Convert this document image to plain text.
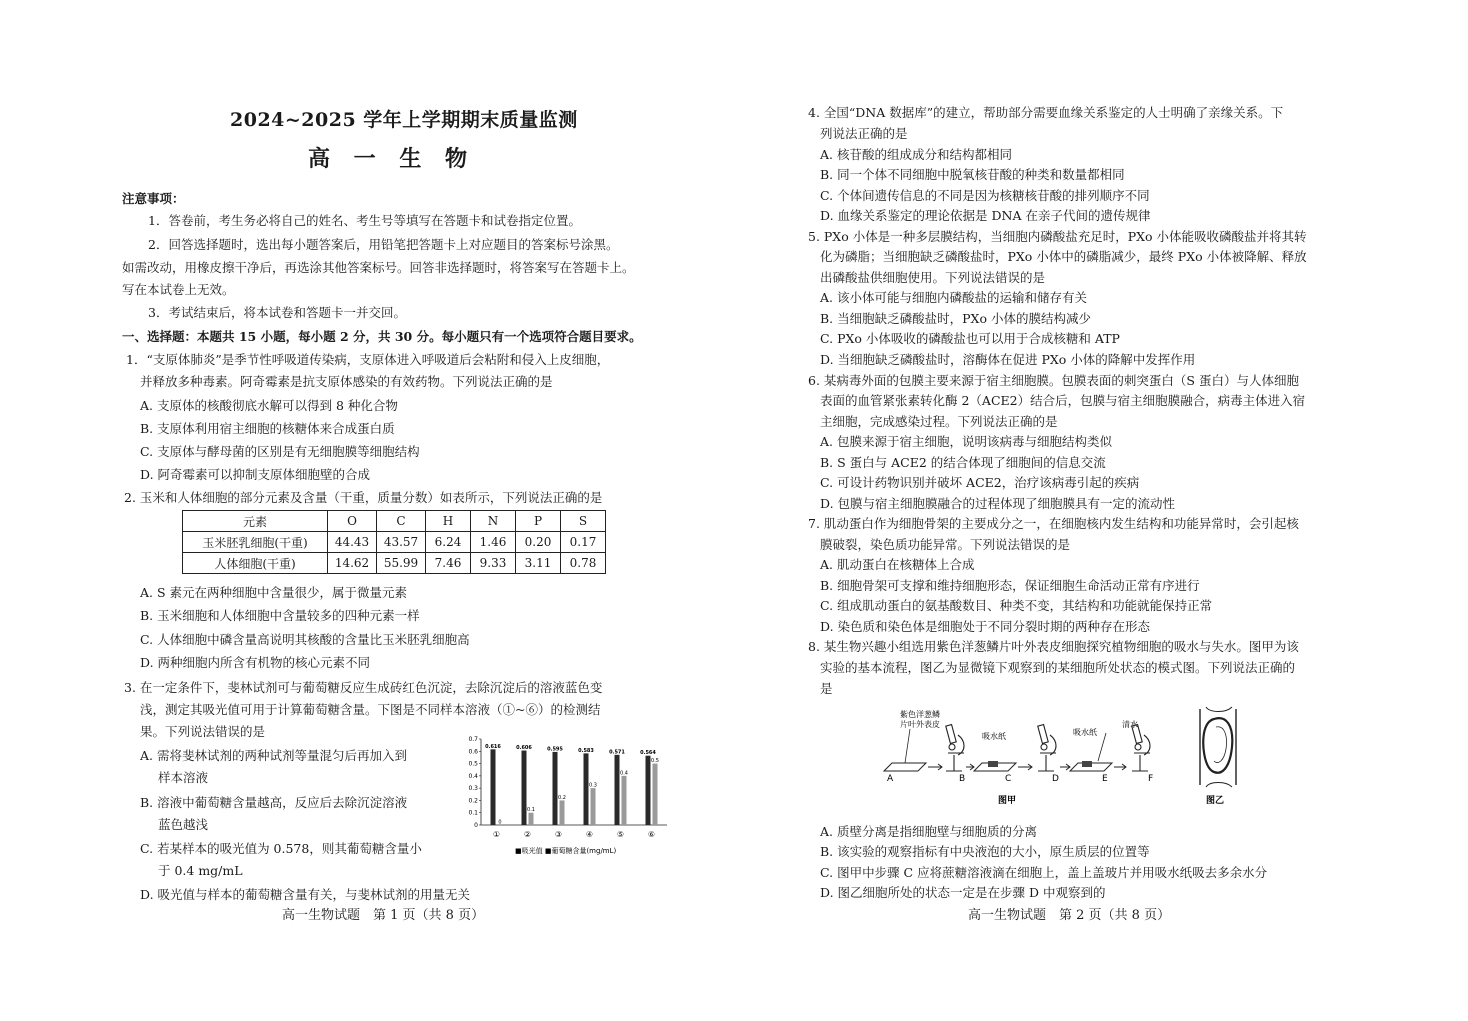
2024~2025 学年上学期期末质量监测
高 一 生 物
注意事项：
1．答卷前，考生务必将自己的姓名、考生号等填写在答题卡和试卷指定位置。
2．回答选择题时，选出每小题答案后，用铅笔把答题卡上对应题目的答案标号涂黑。
如需改动，用橡皮擦干净后，再选涂其他答案标号。回答非选择题时，将答案写在答题卡上。
写在本试卷上无效。
3．考试结束后，将本试卷和答题卡一并交回。
一、选择题：本题共 15 小题，每小题 2 分，共 30 分。每小题只有一个选项符合题目要求。
1．“支原体肺炎”是季节性呼吸道传染病，支原体进入呼吸道后会粘附和侵入上皮细胞，
并释放多种毒素。阿奇霉素是抗支原体感染的有效药物。下列说法正确的是
A. 支原体的核酸彻底水解可以得到 8 种化合物
B. 支原体利用宿主细胞的核糖体来合成蛋白质
C. 支原体与酵母菌的区别是有无细胞膜等细胞结构
D. 阿奇霉素可以抑制支原体细胞壁的合成
2. 玉米和人体细胞的部分元素及含量（干重，质量分数）如表所示，下列说法正确的是
元素	O	C	H	N	P	S
玉米胚乳细胞(干重)	44.43	43.57	6.24	1.46	0.20	0.17
人体细胞(干重)	14.62	55.99	7.46	9.33	3.11	0.78
A. S 素元在两种细胞中含量很少，属于微量元素
B. 玉米细胞和人体细胞中含量较多的四种元素一样
C. 人体细胞中磷含量高说明其核酸的含量比玉米胚乳细胞高
D. 两种细胞内所含有机物的核心元素不同
3. 在一定条件下，斐林试剂可与葡萄糖反应生成砖红色沉淀，去除沉淀后的溶液蓝色变
浅，测定其吸光值可用于计算葡萄糖含量。下图是不同样本溶液（①~⑥）的检测结
果。下列说法错误的是
A. 需将斐林试剂的两种试剂等量混匀后再加入到
样本溶液
B. 溶液中葡萄糖含量越高，反应后去除沉淀溶液
蓝色越浅
C. 若某样本的吸光值为 0.578，则其葡萄糖含量小
于 0.4 mg/mL
D. 吸光值与样本的葡萄糖含量有关，与斐林试剂的用量无关
高一生物试题　第 1 页（共 8 页）
0
0.1
0.2
0.3
0.4
0.5
0.6
0.7
①	②	③	④	⑤	⑥
0.616
0
0.606
0.1
0.595
0.2
0.583
0.3
0.571
0.4
0.564
0.5
■吸光值 ■葡萄糖含量(mg/mL)
4. 全国“DNA 数据库”的建立，帮助部分需要血缘关系鉴定的人士明确了亲缘关系。下
列说法正确的是
A. 核苷酸的组成成分和结构都相同
B. 同一个体不同细胞中脱氧核苷酸的种类和数量都相同
C. 个体间遗传信息的不同是因为核糖核苷酸的排列顺序不同
D. 血缘关系鉴定的理论依据是 DNA 在亲子代间的遗传规律
5. PXo 小体是一种多层膜结构，当细胞内磷酸盐充足时，PXo 小体能吸收磷酸盐并将其转
化为磷脂；当细胞缺乏磷酸盐时，PXo 小体中的磷脂减少，最终 PXo 小体被降解、释放
出磷酸盐供细胞使用。下列说法错误的是
A. 该小体可能与细胞内磷酸盐的运输和储存有关
B. 当细胞缺乏磷酸盐时，PXo 小体的膜结构减少
C. PXo 小体吸收的磷酸盐也可以用于合成核糖和 ATP
D. 当细胞缺乏磷酸盐时，溶酶体在促进 PXo 小体的降解中发挥作用
6. 某病毒外面的包膜主要来源于宿主细胞膜。包膜表面的刺突蛋白（S 蛋白）与人体细胞
表面的血管紧张素转化酶 2（ACE2）结合后，包膜与宿主细胞膜融合，病毒主体进入宿
主细胞，完成感染过程。下列说法正确的是
A. 包膜来源于宿主细胞，说明该病毒与细胞结构类似
B. S 蛋白与 ACE2 的结合体现了细胞间的信息交流
C. 可设计药物识别并破坏 ACE2，治疗该病毒引起的疾病
D. 包膜与宿主细胞膜融合的过程体现了细胞膜具有一定的流动性
7. 肌动蛋白作为细胞骨架的主要成分之一，在细胞核内发生结构和功能异常时，会引起核
膜破裂，染色质功能异常。下列说法错误的是
A. 肌动蛋白在核糖体上合成
B. 细胞骨架可支撑和维持细胞形态，保证细胞生命活动正常有序进行
C. 组成肌动蛋白的氨基酸数目、种类不变，其结构和功能就能保持正常
D. 染色质和染色体是细胞处于不同分裂时期的两种存在形态
8. 某生物兴趣小组选用紫色洋葱鳞片叶外表皮细胞探究植物细胞的吸水与失水。图甲为该
实验的基本流程，图乙为显微镜下观察到的某细胞所处状态的模式图。下列说法正确的
是
A. 质壁分离是指细胞壁与细胞质的分离
B. 该实验的观察指标有中央液泡的大小，原生质层的位置等
C. 图甲中步骤 C 应将蔗糖溶液滴在细胞上，盖上盖玻片并用吸水纸吸去多余水分
D. 图乙细胞所处的状态一定是在步骤 D 中观察到的
高一生物试题　第 2 页（共 8 页）
紫色洋葱鳞
片叶外表皮
吸水纸	吸水纸
清水
A	B	C	D	E	F
图甲	图乙
